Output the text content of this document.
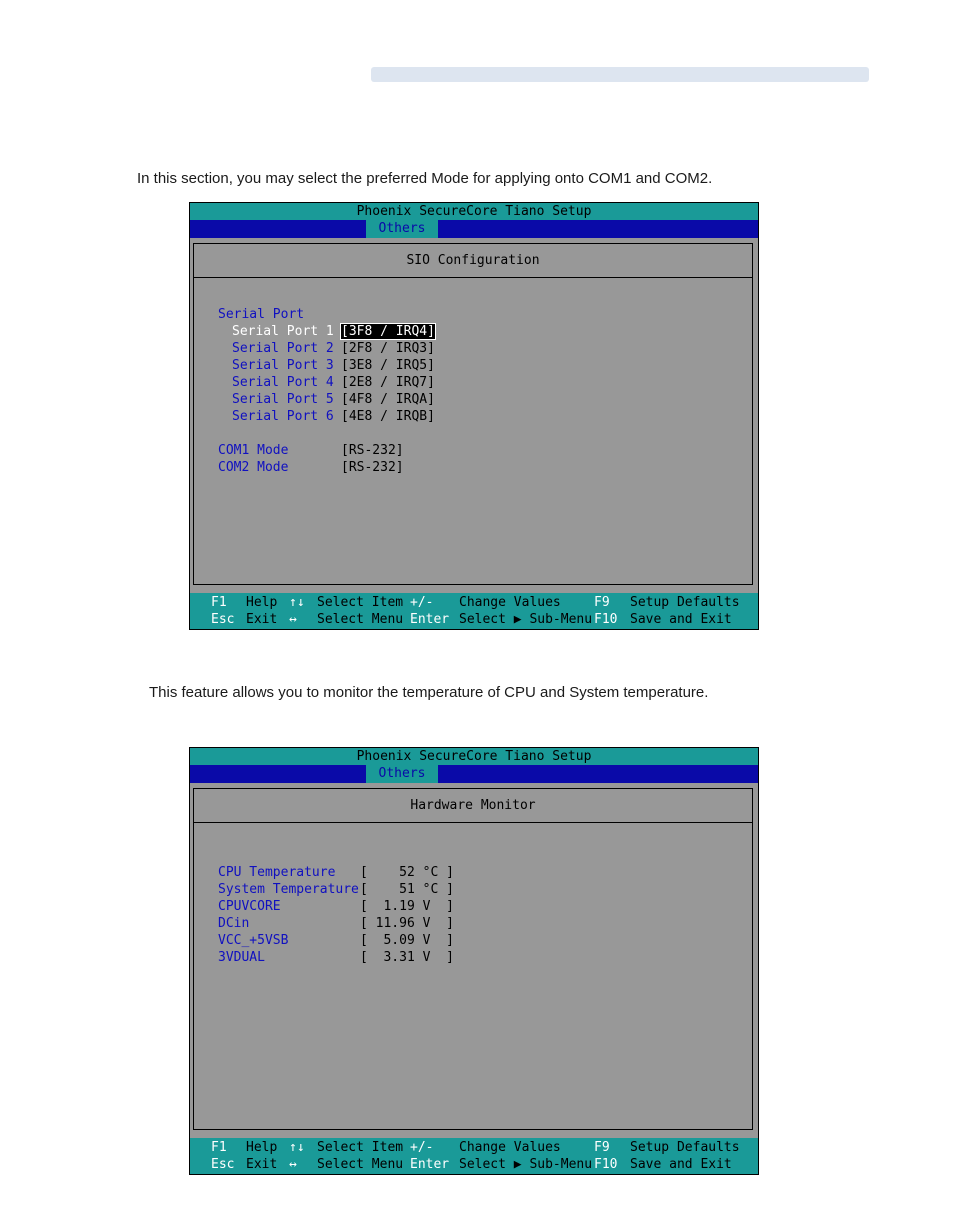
In this section, you may select the preferred Mode for applying onto COM1 and COM2.
Phoenix SecureCore Tiano Setup
Others
SIO Configuration
Serial Port
Serial Port 1 [3F8 / IRQ4]
Serial Port 2 [2F8 / IRQ3]
Serial Port 3 [3E8 / IRQ5]
Serial Port 4 [2E8 / IRQ7]
Serial Port 5 [4F8 / IRQA]
Serial Port 6 [4E8 / IRQB]
COM1 Mode	[RS-232]
COM2 Mode	[RS-232]
F1 Help ↑↓ Select Item +/- Change Values	F9 Setup Defaults
Esc Exit ↔ Select Menu Enter Select ▶ Sub-Menu F10 Save and Exit
This feature allows you to monitor the temperature of CPU and System temperature.
Phoenix SecureCore Tiano Setup
Others
Hardware Monitor
CPU Temperature [    52 °C ]
System Temperature [    51 °C ]
CPUVCORE	[  1.19 V  ]
DCin	[ 11.96 V  ]
VCC_+5VSB	[  5.09 V  ]
3VDUAL	[  3.31 V  ]
F1 Help ↑↓ Select Item +/- Change Values	F9 Setup Defaults
Esc Exit ↔ Select Menu Enter Select ▶ Sub-Menu F10 Save and Exit
